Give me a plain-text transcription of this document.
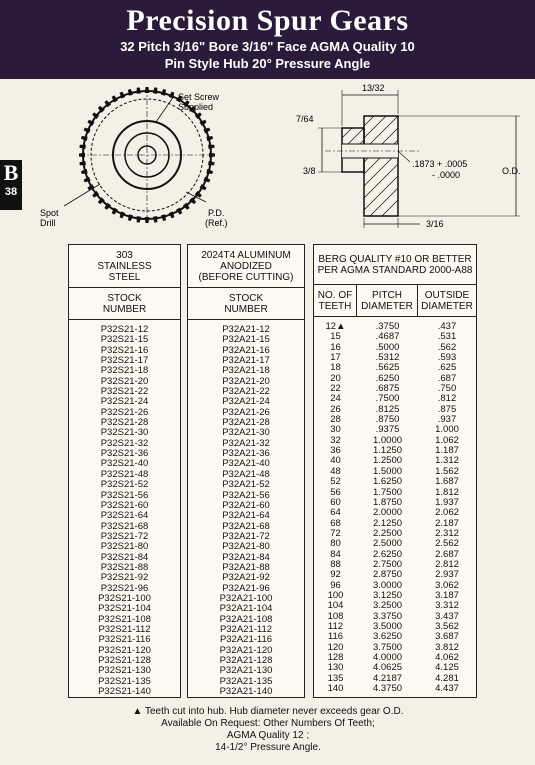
Precision Spur Gears
32 Pitch 3/16" Bore 3/16" Face AGMA Quality 10
Pin Style Hub 20° Pressure Angle
B
38
Set Screw
Supplied
Spot
Drill
P.D.
(Ref.)
13/32
7/64
3/8
.1873 + .0005
- .0000	O.D.
3/16
303
STAINLESS
STEEL
STOCK
NUMBER
P32S21-12
P32S21-15
P32S21-16
P32S21-17
P32S21-18
P32S21-20
P32S21-22
P32S21-24
P32S21-26
P32S21-28
P32S21-30
P32S21-32
P32S21-36
P32S21-40
P32S21-48
P32S21-52
P32S21-56
P32S21-60
P32S21-64
P32S21-68
P32S21-72
P32S21-80
P32S21-84
P32S21-88
P32S21-92
P32S21-96
P32S21-100
P32S21-104
P32S21-108
P32S21-112
P32S21-116
P32S21-120
P32S21-128
P32S21-130
P32S21-135
P32S21-140
2024T4 ALUMINUM
ANODIZED
(BEFORE CUTTING)
STOCK
NUMBER
P32A21-12
P32A21-15
P32A21-16
P32A21-17
P32A21-18
P32A21-20
P32A21-22
P32A21-24
P32A21-26
P32A21-28
P32A21-30
P32A21-32
P32A21-36
P32A21-40
P32A21-48
P32A21-52
P32A21-56
P32A21-60
P32A21-64
P32A21-68
P32A21-72
P32A21-80
P32A21-84
P32A21-88
P32A21-92
P32A21-96
P32A21-100
P32A21-104
P32A21-108
P32A21-112
P32A21-116
P32A21-120
P32A21-128
P32A21-130
P32A21-135
P32A21-140
BERG QUALITY #10 OR BETTER
PER AGMA STANDARD 2000-A88
NO. OF
TEETH
PITCH
DIAMETER
OUTSIDE
DIAMETER
12▲
15
16
17
18
20
22
24
26
28
30
32
36
40
48
52
56
60
64
68
72
80
84
88
92
96
100
104
108
112
116
120
128
130
135
140
.3750
.4687
.5000
.5312
.5625
.6250
.6875
.7500
.8125
.8750
.9375
1.0000
1.1250
1.2500
1.5000
1.6250
1.7500
1.8750
2.0000
2.1250
2.2500
2.5000
2.6250
2.7500
2.8750
3.0000
3.1250
3.2500
3.3750
3.5000
3.6250
3.7500
4.0000
4.0625
4.2187
4.3750
.437
.531
.562
.593
.625
.687
.750
.812
.875
.937
1.000
1.062
1.187
1.312
1.562
1.687
1.812
1.937
2.062
2.187
2.312
2.562
2.687
2.812
2.937
3.062
3.187
3.312
3.437
3.562
3.687
3.812
4.062
4.125
4.281
4.437
▲ Teeth cut into hub. Hub diameter never exceeds gear O.D.
Available On Request: Other Numbers Of Teeth;
AGMA Quality 12 ;
14-1/2° Pressure Angle.
